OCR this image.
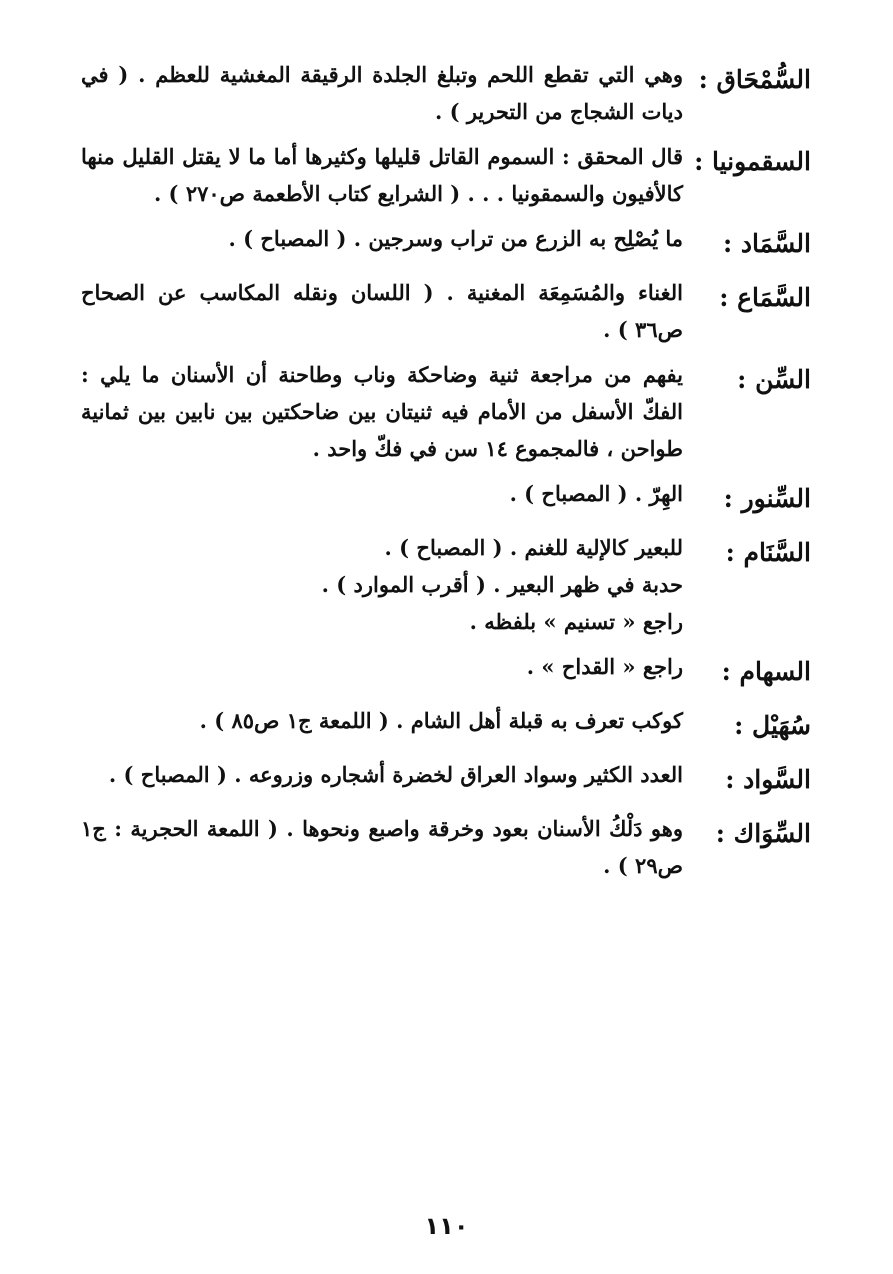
السُّمْحَاق :
وهي التي تقطع اللحم وتبلغ الجلدة الرقيقة المغشية للعظم . ( في ديات الشجاج من التحرير ) .
السقمونيا :
قال المحقق : السموم القاتل قليلها وكثيرها أما ما لا يقتل القليل منها كالأفيون والسمقونيا . . . ( الشرايع كتاب الأطعمة ص٢٧٠ ) .
السَّمَاد :
ما يُصْلِح به الزرع من تراب وسرجين . ( المصباح ) .
السَّمَاع :
الغناء والمُسَمِعَة المغنية . ( اللسان ونقله المكاسب عن الصحاح ص٣٦ ) .
السِّن :
يفهم من مراجعة ثنية وضاحكة وناب وطاحنة أن الأسنان ما يلي : الفكّ الأسفل من الأمام فيه ثنيتان بين ضاحكتين بين نابين بين ثمانية طواحن ، فالمجموع ١٤ سن في فكّ واحد .
السِّنور :
الهِرّ . ( المصباح ) .
السَّنَام :
للبعير كالإلية للغنم . ( المصباح ) .
حدبة في ظهر البعير . ( أقرب الموارد ) .
راجع « تسنيم » بلفظه .
السهام :
راجع « القداح » .
سُهَيْل :
كوكب تعرف به قبلة أهل الشام . ( اللمعة ج١ ص٨٥ ) .
السَّواد :
العدد الكثير وسواد العراق لخضرة أشجاره وزروعه . ( المصباح ) .
السِّوَاك :
وهو دَلْكُ الأسنان بعود وخرقة واصبع ونحوها . ( اللمعة الحجرية : ج١ ص٢٩ ) .
١١٠
